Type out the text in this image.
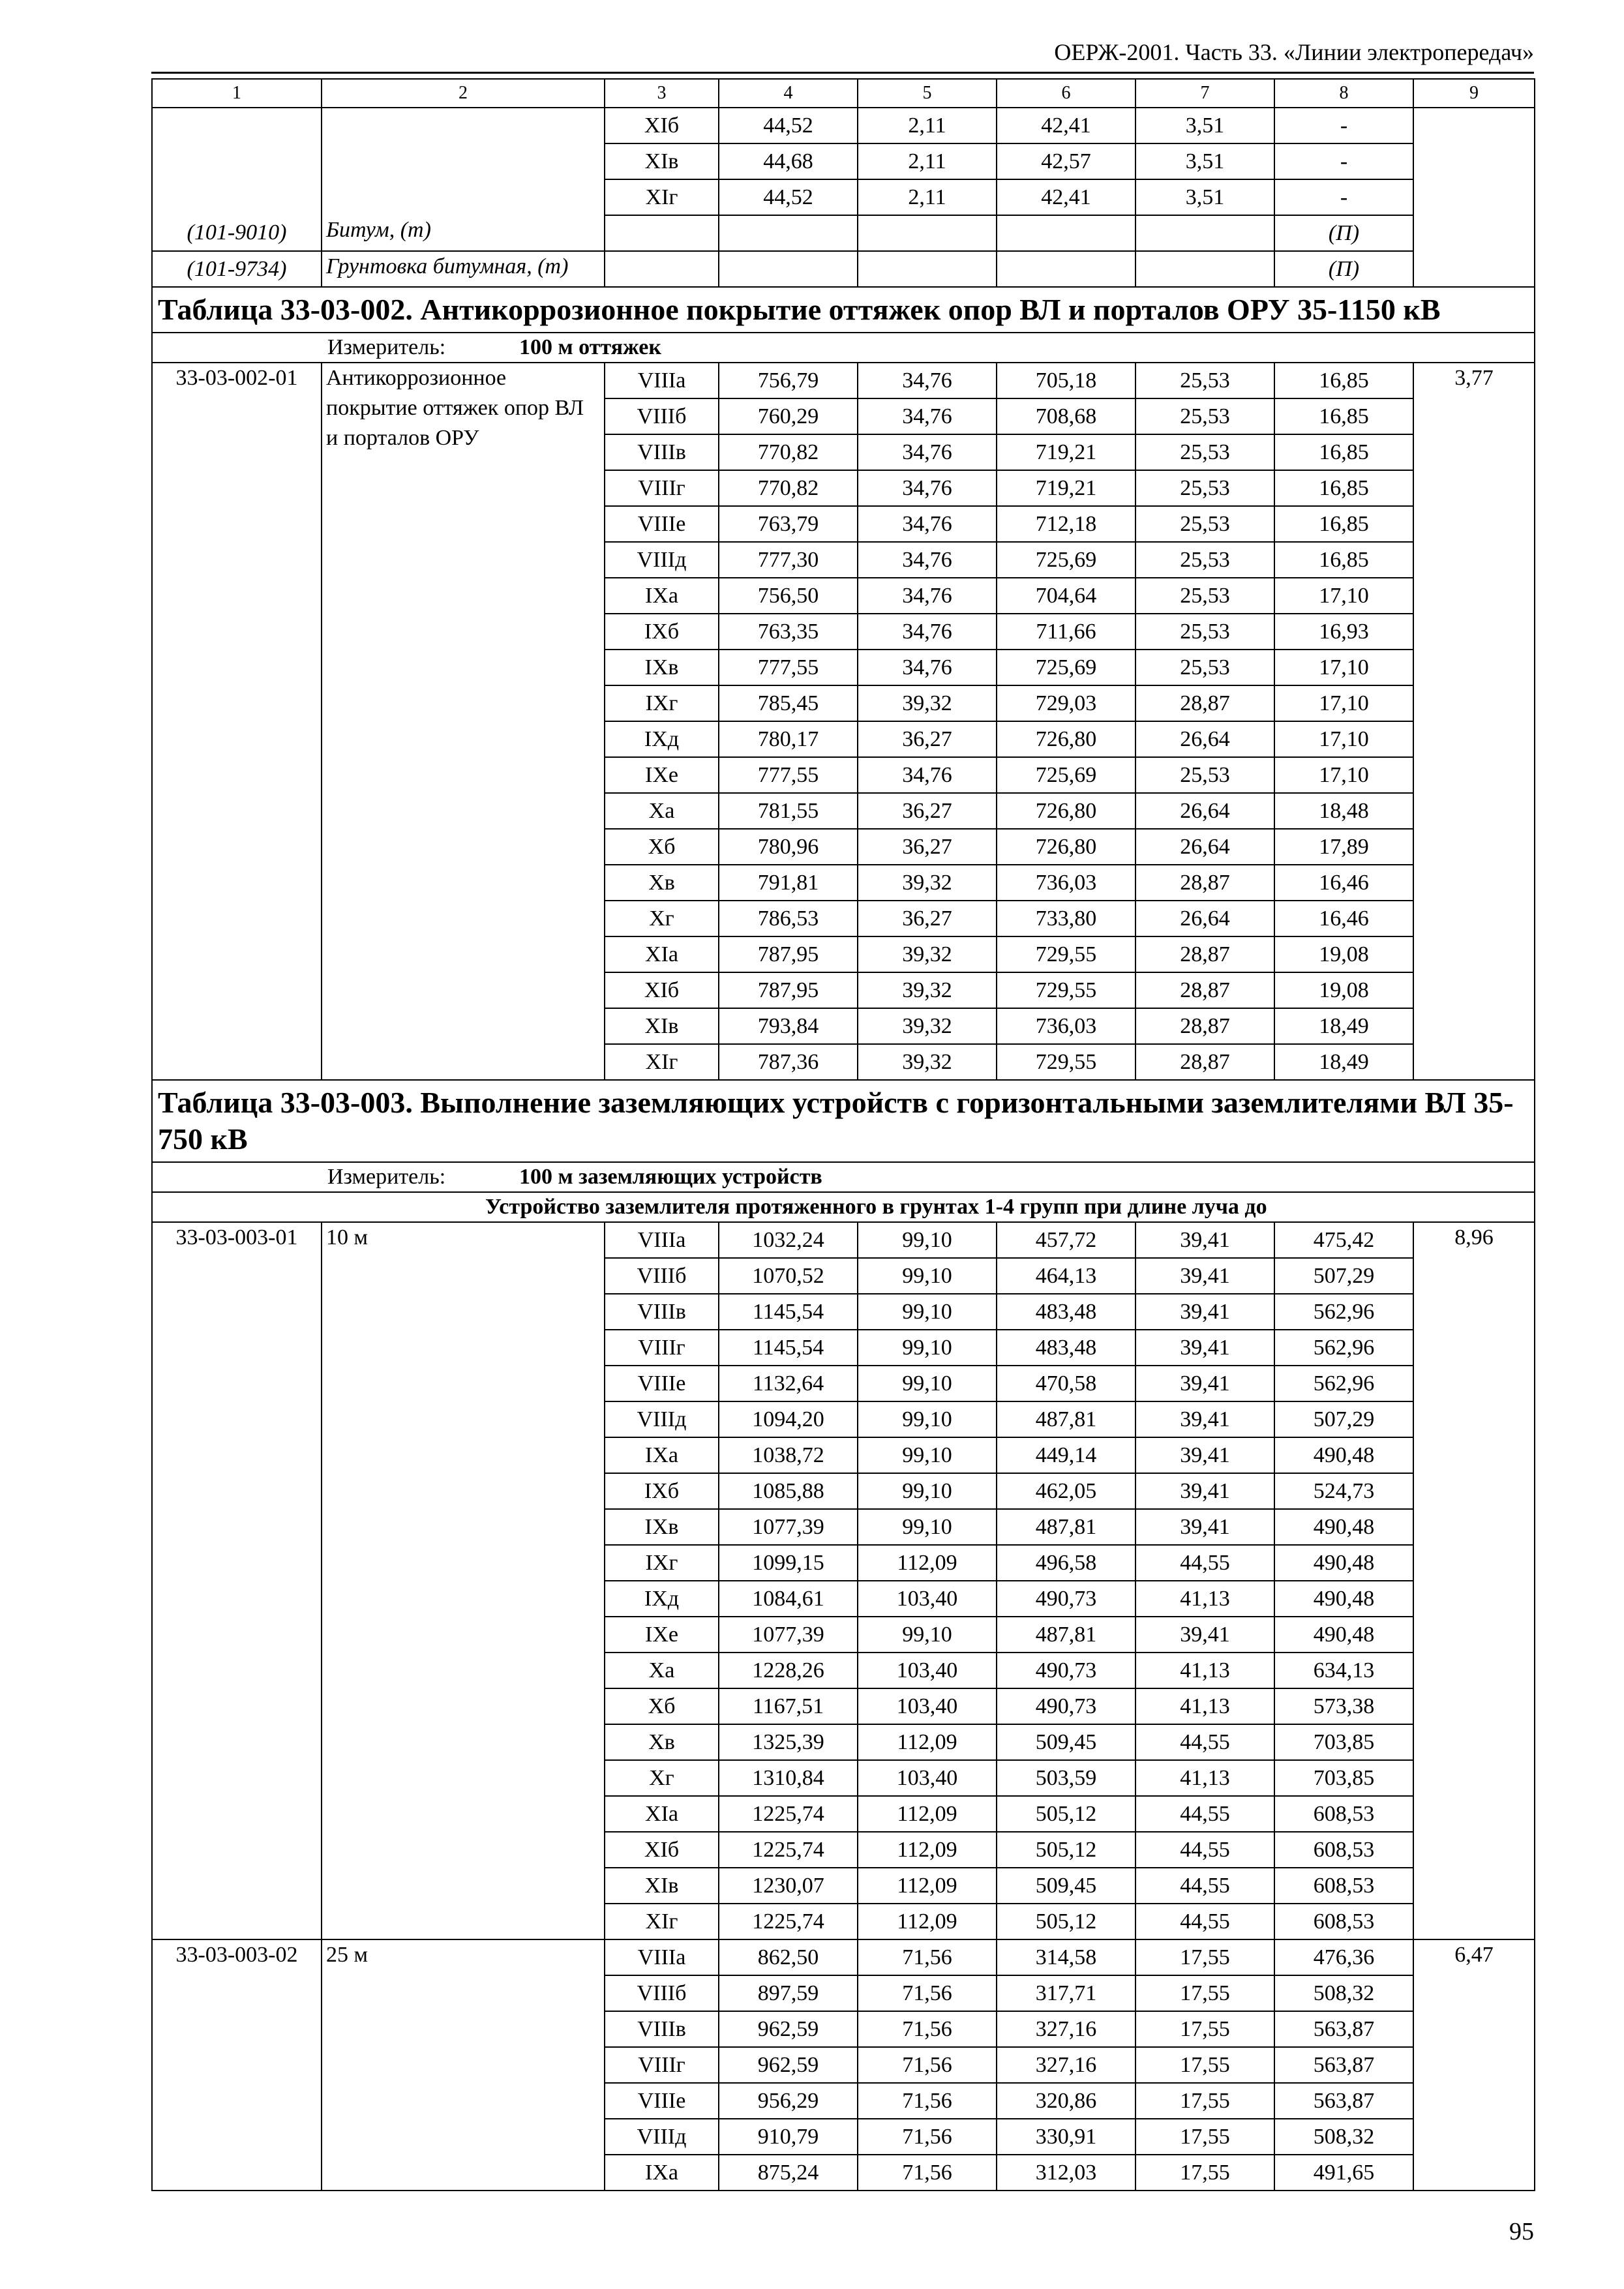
ОЕРЖ-2001. Часть 33. «Линии электропередач»
1	2	3	4	5	6	7	8	9
		XIб	44,52	2,11	42,41	3,51	-	
		XIв	44,68	2,11	42,57	3,51	-	
		XIг	44,52	2,11	42,41	3,51	-	
(101-9010)	Битум, (т)						(П)	
(101-9734)	Грунтовка битумная, (т)						(П)	
Таблица 33-03-002. Антикоррозионное покрытие оттяжек опор ВЛ и порталов ОРУ 35-1150 кВ								
Измеритель: 100 м оттяжек								
33-03-002-01	Антикоррозионное покрытие оттяжек опор ВЛ и порталов ОРУ	VIIIa	756,79	34,76	705,18	25,53	16,85	3,77
		VIIIб	760,29	34,76	708,68	25,53	16,85	
		VIIIв	770,82	34,76	719,21	25,53	16,85	
		VIIIг	770,82	34,76	719,21	25,53	16,85	
		VIIIe	763,79	34,76	712,18	25,53	16,85	
		VIIIд	777,30	34,76	725,69	25,53	16,85	
		IXa	756,50	34,76	704,64	25,53	17,10	
		IXб	763,35	34,76	711,66	25,53	16,93	
		IXв	777,55	34,76	725,69	25,53	17,10	
		IXг	785,45	39,32	729,03	28,87	17,10	
		IXд	780,17	36,27	726,80	26,64	17,10	
		IXe	777,55	34,76	725,69	25,53	17,10	
		Xa	781,55	36,27	726,80	26,64	18,48	
		Xб	780,96	36,27	726,80	26,64	17,89	
		Xв	791,81	39,32	736,03	28,87	16,46	
		Xг	786,53	36,27	733,80	26,64	16,46	
		XIa	787,95	39,32	729,55	28,87	19,08	
		XIб	787,95	39,32	729,55	28,87	19,08	
		XIв	793,84	39,32	736,03	28,87	18,49	
		XIг	787,36	39,32	729,55	28,87	18,49	
Таблица 33-03-003. Выполнение заземляющих устройств с горизонтальными заземлителями ВЛ 35-750 кВ								
Измеритель: 100 м заземляющих устройств								
Устройство заземлителя протяженного в грунтах 1-4 групп при длине луча до								
33-03-003-01	10 м	VIIIa	1032,24	99,10	457,72	39,41	475,42	8,96
		VIIIб	1070,52	99,10	464,13	39,41	507,29	
		VIIIв	1145,54	99,10	483,48	39,41	562,96	
		VIIIг	1145,54	99,10	483,48	39,41	562,96	
		VIIIe	1132,64	99,10	470,58	39,41	562,96	
		VIIIд	1094,20	99,10	487,81	39,41	507,29	
		IXa	1038,72	99,10	449,14	39,41	490,48	
		IXб	1085,88	99,10	462,05	39,41	524,73	
		IXв	1077,39	99,10	487,81	39,41	490,48	
		IXг	1099,15	112,09	496,58	44,55	490,48	
		IXд	1084,61	103,40	490,73	41,13	490,48	
		IXe	1077,39	99,10	487,81	39,41	490,48	
		Xa	1228,26	103,40	490,73	41,13	634,13	
		Xб	1167,51	103,40	490,73	41,13	573,38	
		Xв	1325,39	112,09	509,45	44,55	703,85	
		Xг	1310,84	103,40	503,59	41,13	703,85	
		XIa	1225,74	112,09	505,12	44,55	608,53	
		XIб	1225,74	112,09	505,12	44,55	608,53	
		XIв	1230,07	112,09	509,45	44,55	608,53	
		XIг	1225,74	112,09	505,12	44,55	608,53	
33-03-003-02	25 м	VIIIa	862,50	71,56	314,58	17,55	476,36	6,47
		VIIIб	897,59	71,56	317,71	17,55	508,32	
		VIIIв	962,59	71,56	327,16	17,55	563,87	
		VIIIг	962,59	71,56	327,16	17,55	563,87	
		VIIIe	956,29	71,56	320,86	17,55	563,87	
		VIIIд	910,79	71,56	330,91	17,55	508,32	
		IXa	875,24	71,56	312,03	17,55	491,65	
95
